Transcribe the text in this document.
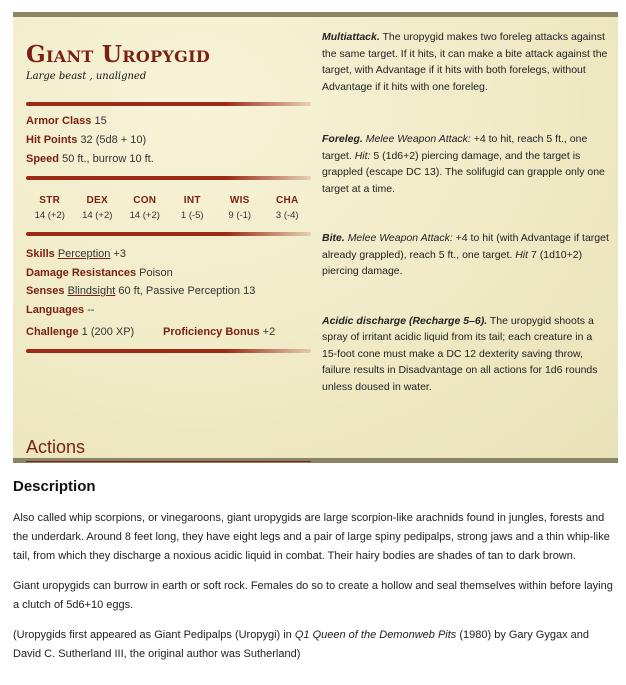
Giant Uropygid
Large beast , unaligned
Armor Class 15
Hit Points 32 (5d8 + 10)
Speed 50 ft., burrow 10 ft.
STR
14 (+2)
DEX
14 (+2)
CON
14 (+2)
INT
1 (-5)
WIS
9 (-1)
CHA
3 (-4)
Skills Perception +3
Damage Resistances Poison
Senses Blindsight 60 ft, Passive Perception 13
Languages --
Challenge 1 (200 XP)	Proficiency Bonus +2
Actions

Multiattack. The uropygid makes two foreleg attacks against the same target. If it hits, it can make a bite attack against the target, with Advantage if it hits with both forelegs, without Advantage if it hits with one foreleg.

Foreleg. Melee Weapon Attack: +4 to hit, reach 5 ft., one target. Hit: 5 (1d6+2) piercing damage, and the target is grappled (escape DC 13). The solifugid can grapple only one target at a time.

Bite. Melee Weapon Attack: +4 to hit (with Advantage if target already grappled), reach 5 ft., one target. Hit 7 (1d10+2) piercing damage.

Acidic discharge (Recharge 5–6). The uropygid shoots a spray of irritant acidic liquid from its tail; each creature in a 15-foot cone must make a DC 12 dexterity saving throw, failure results in Disadvantage on all actions for 1d6 rounds unless doused in water.

Description

Also called whip scorpions, or vinegaroons, giant uropygids are large scorpion-like arachnids found in jungles, forests and the underdark. Around 8 feet long, they have eight legs and a pair of large spiny pedipalps, strong jaws and a thin whip-like tail, from which they discharge a noxious acidic liquid in combat. Their hairy bodies are shades of tan to dark brown.

Giant uropygids can burrow in earth or soft rock. Females do so to create a hollow and seal themselves within before laying a clutch of 5d6+10 eggs.

(Uropygids first appeared as Giant Pedipalps (Uropygi) in Q1 Queen of the Demonweb Pits (1980) by Gary Gygax and David C. Sutherland III, the original author was Sutherland)
